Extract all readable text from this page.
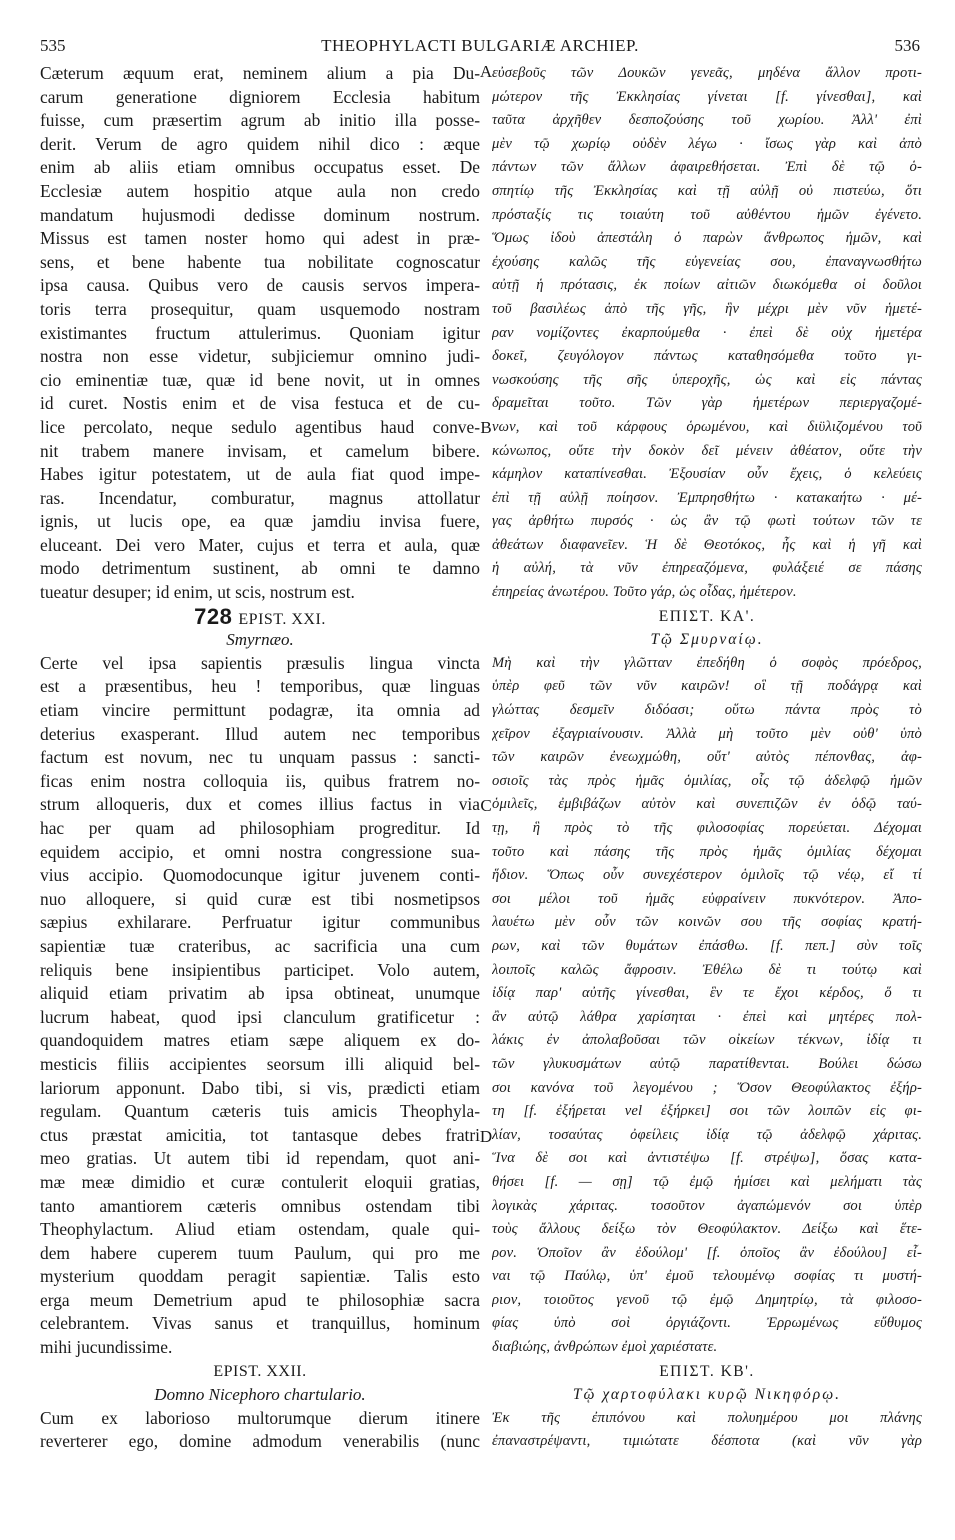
535	THEOPHYLACTI BULGARIÆ ARCHIEP.	536
Cæterum æquum erat, neminem alium a pia Du-
carum generatione digniorem Ecclesia habitum
fuisse, cum præsertim agrum ab initio illa posse-
derit. Verum de agro quidem nihil dico : æque
enim ab aliis etiam omnibus occupatus esset. De
Ecclesiæ autem hospitio atque aula non credo
mandatum hujusmodi dedisse dominum nostrum.
Missus est tamen noster homo qui adest in præ-
sens, et bene habente tua nobilitate cognoscatur
ipsa causa. Quibus vero de causis servos impera-
toris terra prosequitur, quam usquemodo nostram
existimantes fructum attulerimus. Quoniam igitur
nostra non esse videtur, subjiciemur omnino judi-
cio eminentiæ tuæ, quæ id bene novit, ut in omnes
id curet. Nostis enim et de visa festuca et de cu-
lice percolato, neque sedulo agentibus haud conve-
nit trabem manere invisam, et camelum bibere.
Habes igitur potestatem, ut de aula fiat quod impe-
ras. Incendatur, comburatur, magnus attollatur
ignis, ut lucis ope, ea quæ jamdiu invisa fuere,
eluceant. Dei vero Mater, cujus et terra et aula, quæ
modo detrimentum sustinent, ab omni te damno
tueatur desuper; id enim, ut scis, nostrum est.
728 EPIST. XXI.
Smyrnæo.
Certe vel ipsa sapientis præsulis lingua vincta
est a præsentibus, heu ! temporibus, quæ linguas
etiam vincire permittunt podagræ, ita omnia ad
deterius exasperant. Illud autem nec temporibus
factum est novum, nec tu unquam passus : sancti-
ficas enim nostra colloquia iis, quibus fratrem no-
strum alloqueris, dux et comes illius factus in via
hac per quam ad philosophiam progreditur. Id
equidem accipio, et omni nostra congressione sua-
vius accipio. Quomodocunque igitur juvenem conti-
nuo alloquere, si quid curæ est tibi nosmetipsos
sæpius exhilarare. Perfruatur igitur communibus
sapientiæ tuæ crateribus, ac sacrificia una cum
reliquis bene insipientibus participet. Volo autem,
aliquid etiam privatim ab ipsa obtineat, unumque
lucrum habeat, quod ipsi clanculum gratificetur :
quandoquidem matres etiam sæpe aliquem ex do-
mesticis filiis accipientes seorsum illi aliquid bel-
lariorum apponunt. Dabo tibi, si vis, prædicti etiam
regulam. Quantum cæteris tuis amicis Theophyla-
ctus præstat amicitia, tot tantasque debes fratri
meo gratias. Ut autem tibi id rependam, quot ani-
mæ meæ dimidio et curæ contulerit eloquii gratias,
tanto amantiorem cæteris omnibus ostendam tibi
Theophylactum. Aliud etiam ostendam, quale qui-
dem habere cuperem tuum Paulum, qui pro me
mysterium quoddam peragit sapientiæ. Talis esto
erga meum Demetrium apud te philosophiæ sacra
celebrantem. Vivas sanus et tranquillus, hominum
mihi jucundissime.
EPIST. XXII.
Domno Nicephoro chartulario.
Cum ex laborioso multorumque dierum itinere
reverterer ego, domine admodum venerabilis (nunc
εὐσεβοῦς τῶν Δουκῶν γενεᾶς, μηδένα ἄλλον προτι-
μώτερον τῆς Ἐκκλησίας γίνεται [f. γίνεσθαι], καὶ
ταῦτα ἀρχῆθεν δεσποζούσης τοῦ χωρίου. Ἀλλ' ἐπὶ
μὲν τῷ χωρίῳ οὐδὲν λέγω · ἴσως γὰρ καὶ ἀπὸ
πάντων τῶν ἄλλων ἀφαιρεθήσεται. Ἐπὶ δὲ τῷ ὁ-
σπητίῳ τῆς Ἐκκλησίας καὶ τῇ αὐλῇ οὐ πιστεύω, ὅτι
πρόσταξίς τις τοιαύτη τοῦ αὐθέντου ἡμῶν ἐγένετο.
Ὅμως ἰδοὺ ἀπεστάλη ὁ παρὼν ἄνθρωπος ἡμῶν, καὶ
ἐχούσης καλῶς τῆς εὐγενείας σου, ἐπαναγνωσθήτω
αὐτῇ ἡ πρότασις, ἐκ ποίων αἰτιῶν διωκόμεθα οἱ δοῦλοι
τοῦ βασιλέως ἀπὸ τῆς γῆς, ἣν μέχρι μὲν νῦν ἡμετέ-
ραν νομίζοντες ἐκαρπούμεθα · ἐπεὶ δὲ οὐχ ἡμετέρα
δοκεῖ, ζευγόλογον πάντως καταθησόμεθα τοῦτο γι-
νωσκούσης τῆς σῆς ὑπεροχῆς, ὡς καὶ εἰς πάντας
δραμεῖται τοῦτο. Τῶν γὰρ ἡμετέρων περιεργαζομέ-
νων, καὶ τοῦ κάρφους ὁρωμένου, καὶ διϋλιζομένου τοῦ
κώνωπος, οὔτε τὴν δοκὸν δεῖ μένειν ἀθέατον, οὔτε τὴν
κάμηλον καταπίνεσθαι. Ἐξουσίαν οὖν ἔχεις, ὁ κελεύεις
ἐπὶ τῇ αὐλῇ ποίησον. Ἐμπρησθήτω · κατακαήτω · μέ-
γας ἀρθήτω πυρσός · ὡς ἂν τῷ φωτὶ τούτων τῶν τε
ἀθεάτων διαφανεῖεν. Ἡ δὲ Θεοτόκος, ἧς καὶ ἡ γῆ καὶ
ἡ αὐλή, τὰ νῦν ἐπηρεαζόμενα, φυλάξειέ σε πάσης
ἐπηρείας ἀνωτέρου. Τοῦτο γάρ, ὡς οἶδας, ἡμέτερον.
ΕΠΙΣΤ. ΚΑ'.
Τῷ Σμυρναίῳ.
Μὴ καὶ τὴν γλῶτταν ἐπεδήθη ὁ σοφὸς πρόεδρος,
ὑπὲρ φεῦ τῶν νῦν καιρῶν! οἳ τῇ ποδάγρᾳ καὶ
γλώττας δεσμεῖν διδόασι; οὕτω πάντα πρὸς τὸ
χεῖρον ἐξαγριαίνουσιν. Ἀλλὰ μὴ τοῦτο μὲν οὐθ' ὑπὸ
τῶν καιρῶν ἐνεωχμώθη, οὔτ' αὐτὸς πέπονθας, ἀφ-
οσιοῖς τὰς πρὸς ἡμᾶς ὁμιλίας, οἷς τῷ ἀδελφῷ ἡμῶν
ὁμιλεῖς, ἐμβιβάζων αὐτὸν καὶ συνεπιζῶν ἐν ὁδῷ ταύ-
τῃ, ἣ πρὸς τὸ τῆς φιλοσοφίας πορεύεται. Δέχομαι
τοῦτο καὶ πάσης τῆς πρὸς ἡμᾶς ὁμιλίας δέχομαι
ἥδιον. Ὅπως οὖν συνεχέστερον ὁμιλοῖς τῷ νέῳ, εἴ τί
σοι μέλοι τοῦ ἡμᾶς εὐφραίνειν πυκνότερον. Ἀπο-
λαυέτω μὲν οὖν τῶν κοινῶν σου τῆς σοφίας κρατή-
ρων, καὶ τῶν θυμάτων ἐπάσθω. [f. πεπ.] σὺν τοῖς
λοιποῖς καλῶς ἄφροσιν. Ἐθέλω δὲ τι τούτῳ καὶ
ἰδίᾳ παρ' αὐτῆς γίνεσθαι, ἓν τε ἔχοι κέρδος, ὅ τι
ἂν αὐτῷ λάθρα χαρίσηται · ἐπεὶ καὶ μητέρες πολ-
λάκις ἐν ἀπολαβοῦσαι τῶν οἰκείων τέκνων, ἰδίᾳ τι
τῶν γλυκυσμάτων αὐτῷ παρατίθενται. Βούλει δώσω
σοι κανόνα τοῦ λεγομένου ; Ὅσον Θεοφύλακτος ἐξήρ-
τη [f. ἐξήρεται vel ἐξήρκει] σοι τῶν λοιπῶν εἰς φι-
λίαν, τοσαύτας ὀφείλεις ἰδίᾳ τῷ ἀδελφῷ χάριτας.
Ἵνα δὲ σοι καὶ ἀντιστέψω [f. στρέψω], ὅσας κατα-
θήσει [f. — σῃ] τῷ ἐμῷ ἡμίσει καὶ μελήματι τὰς
λογικὰς χάριτας. τοσοῦτον ἀγαπώμενόν σοι ὑπὲρ
τοὺς ἄλλους δείξω τὸν Θεοφύλακτον. Δείξω καὶ ἕτε-
ρον. Ὁποῖον ἂν ἐδούλομ' [f. ὁποῖος ἂν ἐδούλου] εἶ-
ναι τῷ Παύλῳ, ὑπ' ἐμοῦ τελουμένῳ σοφίας τι μυστή-
ριον, τοιοῦτος γενοῦ τῷ ἐμῷ Δημητρίῳ, τὰ φιλοσο-
φίας ὑπὸ σοὶ ὀργιάζοντι. Ἐρρωμένως εὔθυμος
διαβιώης, ἀνθρώπων ἐμοὶ χαριέστατε.
ΕΠΙΣΤ. ΚΒ'.
Τῷ χαρτοφύλακι κυρῷ Νικηφόρῳ.
Ἐκ τῆς ἐπιπόνου καὶ πολυημέρου μοι πλάνης
ἐπαναστρέψαντι, τιμιώτατε δέσποτα (καὶ νῦν γὰρ
A
B
C
D
